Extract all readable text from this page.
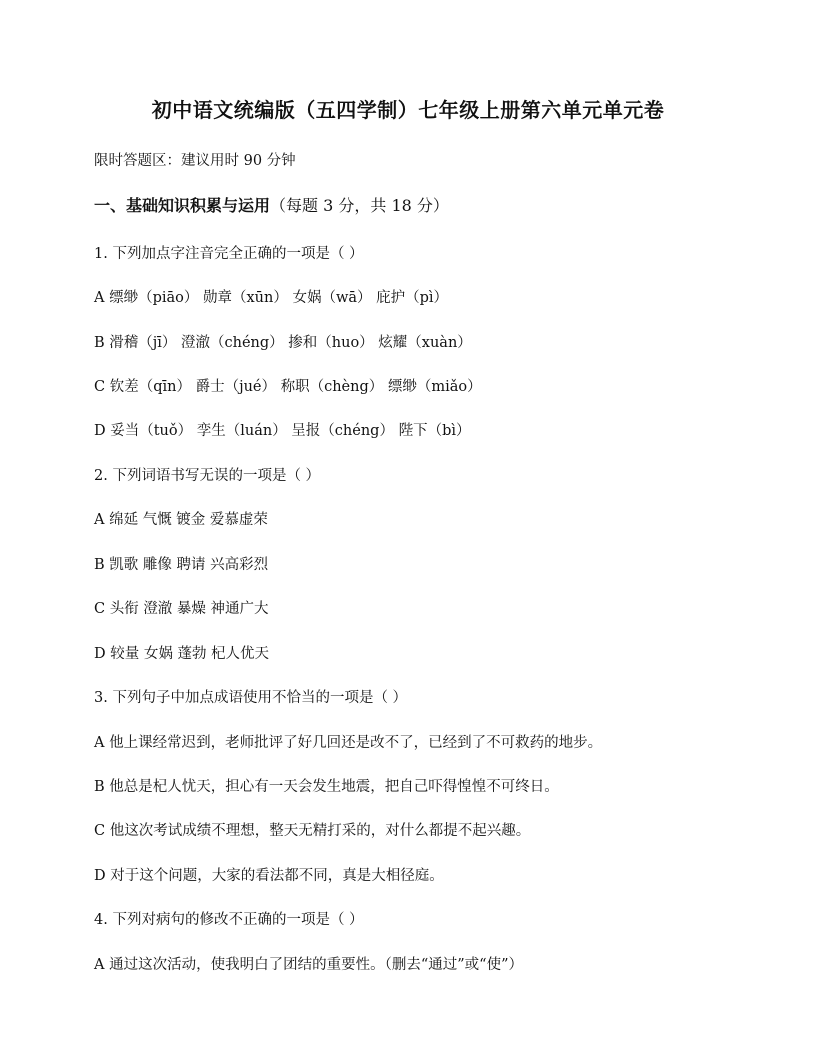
初中语文统编版（五四学制）七年级上册第六单元单元卷
限时答题区：建议用时 90 分钟
一、基础知识积累与运用（每题 3 分，共 18 分）
1. 下列加点字注音完全正确的一项是（ ）
A 缥缈（piāo） 勋章（xūn） 女娲（wā） 庇护（pì）
B 滑稽（jī） 澄澈（chéng） 掺和（huo） 炫耀（xuàn）
C 钦差（qīn） 爵士（jué） 称职（chèng） 缥缈（miǎo）
D 妥当（tuǒ） 孪生（luán） 呈报（chéng） 陛下（bì）
2. 下列词语书写无误的一项是（ ）
A 绵延 气慨 镀金 爱慕虚荣
B 凯歌 雕像 聘请 兴高彩烈
C 头衔 澄澈 暴燥 神通广大
D 较量 女娲 蓬勃 杞人优天
3. 下列句子中加点成语使用不恰当的一项是（ ）
A 他上课经常迟到，老师批评了好几回还是改不了，已经到了不可救药的地步。
B 他总是杞人忧天，担心有一天会发生地震，把自己吓得惶惶不可终日。
C 他这次考试成绩不理想，整天无精打采的，对什么都提不起兴趣。
D 对于这个问题，大家的看法都不同，真是大相径庭。
4. 下列对病句的修改不正确的一项是（ ）
A 通过这次活动，使我明白了团结的重要性。（删去“通过”或“使”）
